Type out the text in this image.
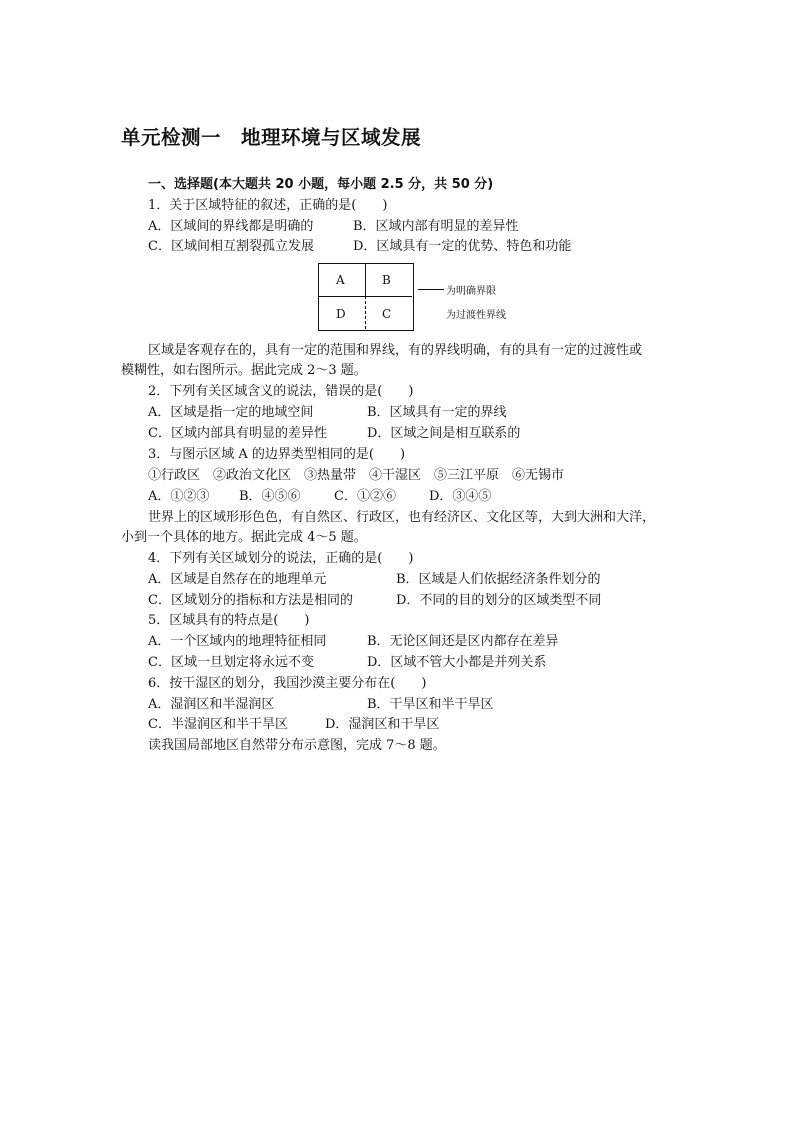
单元检测一　地理环境与区域发展
一、选择题(本大题共 20 小题，每小题 2.5 分，共 50 分)
1．关于区域特征的叙述，正确的是(　　)
A．区域间的界线都是明确的	B．区域内部有明显的差异性
C．区域间相互割裂孤立发展	D．区域具有一定的优势、特色和功能
A	B
D	C
为明确界限
为过渡性界线
区域是客观存在的，具有一定的范围和界线，有的界线明确，有的具有一定的过渡性或
模糊性，如右图所示。据此完成 2～3 题。
2．下列有关区域含义的说法，错误的是(　　)
A．区域是指一定的地域空间	B．区域具有一定的界线
C．区域内部具有明显的差异性	D．区域之间是相互联系的
3．与图示区域 A 的边界类型相同的是(　　)
①行政区　②政治文化区　③热量带　④干湿区　⑤三江平原　⑥无锡市
A．①②③ B．④⑤⑥	C．①②⑥	D．③④⑤
世界上的区域形形色色，有自然区、行政区，也有经济区、文化区等，大到大洲和大洋，
小到一个具体的地方。据此完成 4～5 题。
4．下列有关区域划分的说法，正确的是(　　)
A．区域是自然存在的地理单元	B．区域是人们依据经济条件划分的
C．区域划分的指标和方法是相同的	D．不同的目的划分的区域类型不同
5．区域具有的特点是(　　)
A．一个区域内的地理特征相同	B．无论区间还是区内都存在差异
C．区域一旦划定将永远不变	D．区域不管大小都是并列关系
6．按干湿区的划分，我国沙漠主要分布在(　　)
A．湿润区和半湿润区	B．干旱区和半干旱区
C．半湿润区和半干旱区	D．湿润区和干旱区
读我国局部地区自然带分布示意图，完成 7～8 题。
